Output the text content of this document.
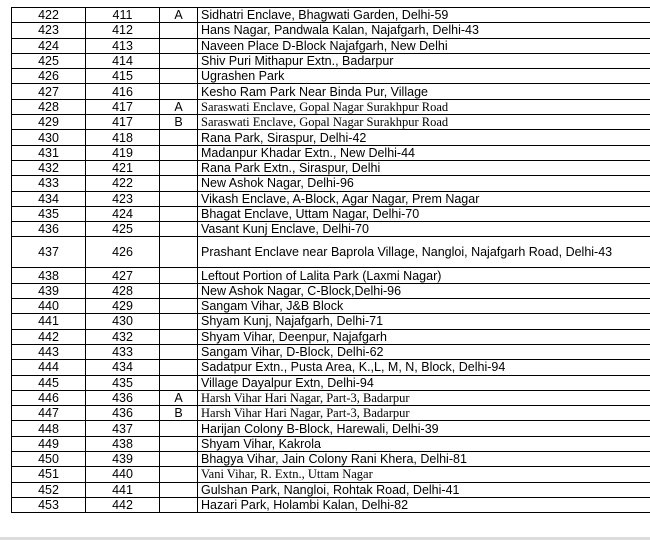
422	411	A	Sidhatri Enclave, Bhagwati Garden, Delhi-59
423	412		Hans Nagar, Pandwala Kalan, Najafgarh, Delhi-43
424	413		Naveen Place D-Block Najafgarh, New Delhi
425	414		Shiv Puri Mithapur Extn., Badarpur
426	415		Ugrashen Park
427	416		Kesho Ram Park Near Binda Pur, Village
428	417	A	Saraswati Enclave, Gopal Nagar Surakhpur Road
429	417	B	Saraswati Enclave, Gopal Nagar Surakhpur Road
430	418		Rana Park, Siraspur, Delhi-42
431	419		Madanpur Khadar Extn., New Delhi-44
432	421		Rana Park Extn., Siraspur, Delhi
433	422		New Ashok Nagar, Delhi-96
434	423		Vikash Enclave, A-Block, Agar Nagar, Prem Nagar
435	424		Bhagat Enclave, Uttam Nagar, Delhi-70
436	425		Vasant Kunj Enclave, Delhi-70
437	426		Prashant Enclave near Baprola Village, Nangloi, Najafgarh Road, Delhi-43
438	427		Leftout Portion of Lalita Park (Laxmi Nagar)
439	428		New Ashok Nagar, C-Block,Delhi-96
440	429		Sangam Vihar, J&B Block
441	430		Shyam Kunj, Najafgarh, Delhi-71
442	432		Shyam Vihar, Deenpur, Najafgarh
443	433		Sangam Vihar, D-Block, Delhi-62
444	434		Sadatpur Extn., Pusta Area, K.,L, M, N, Block, Delhi-94
445	435		Village Dayalpur Extn, Delhi-94
446	436	A	Harsh Vihar Hari Nagar, Part-3, Badarpur
447	436	B	Harsh Vihar Hari Nagar, Part-3, Badarpur
448	437		Harijan Colony B-Block, Harewali, Delhi-39
449	438		Shyam Vihar, Kakrola
450	439		Bhagya Vihar, Jain Colony Rani Khera, Delhi-81
451	440		Vani Vihar, R. Extn., Uttam Nagar
452	441		Gulshan Park, Nangloi, Rohtak Road, Delhi-41
453	442		Hazari Park, Holambi Kalan, Delhi-82
